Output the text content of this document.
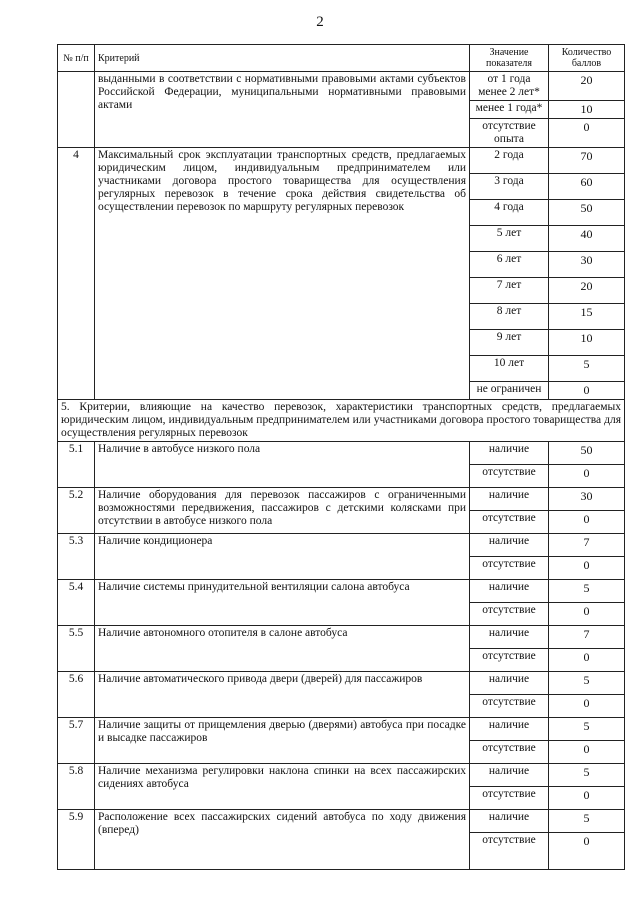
2
№ п/п	Критерий	Значение показателя	Количество баллов
	выданными в соответствии с нормативными правовыми актами субъектов Российской Федерации, муниципальными нормативными правовыми актами	от 1 года менее 2 лет*	20
		менее 1 года*	10
		отсутствие опыта	0
4	Максимальный срок эксплуатации транспортных средств, предлагаемых юридическим лицом, индивидуальным предпринимателем или участниками договора простого товарищества для осуществления регулярных перевозок в течение срока действия свидетельства об осуществлении перевозок по маршруту регулярных перевозок	2 года	70
		3 года	60
		4 года	50
		5 лет	40
		6 лет	30
		7 лет	20
		8 лет	15
		9 лет	10
		10 лет	5
		не ограничен	0
5. Критерии, влияющие на качество перевозок, характеристики транспортных средств, предлагаемых юридическим лицом, индивидуальным предпринимателем или участниками договора простого товарищества для осуществления регулярных перевозок			
5.1	Наличие в автобусе низкого пола	наличие	50
		отсутствие	0
5.2	Наличие оборудования для перевозок пассажиров с ограниченными возможностями передвижения, пассажиров с детскими колясками при отсутствии в автобусе низкого пола	наличие	30
		отсутствие	0
5.3	Наличие кондиционера	наличие	7
		отсутствие	0
5.4	Наличие системы принудительной вентиляции салона автобуса	наличие	5
		отсутствие	0
5.5	Наличие автономного отопителя в салоне автобуса	наличие	7
		отсутствие	0
5.6	Наличие автоматического привода двери (дверей) для пассажиров	наличие	5
		отсутствие	0
5.7	Наличие защиты от прищемления дверью (дверями) автобуса при посадке и высадке пассажиров	наличие	5
		отсутствие	0
5.8	Наличие механизма регулировки наклона спинки на всех пассажирских сидениях автобуса	наличие	5
		отсутствие	0
5.9	Расположение всех пассажирских сидений автобуса по ходу движения (вперед)	наличие	5
		отсутствие	0
